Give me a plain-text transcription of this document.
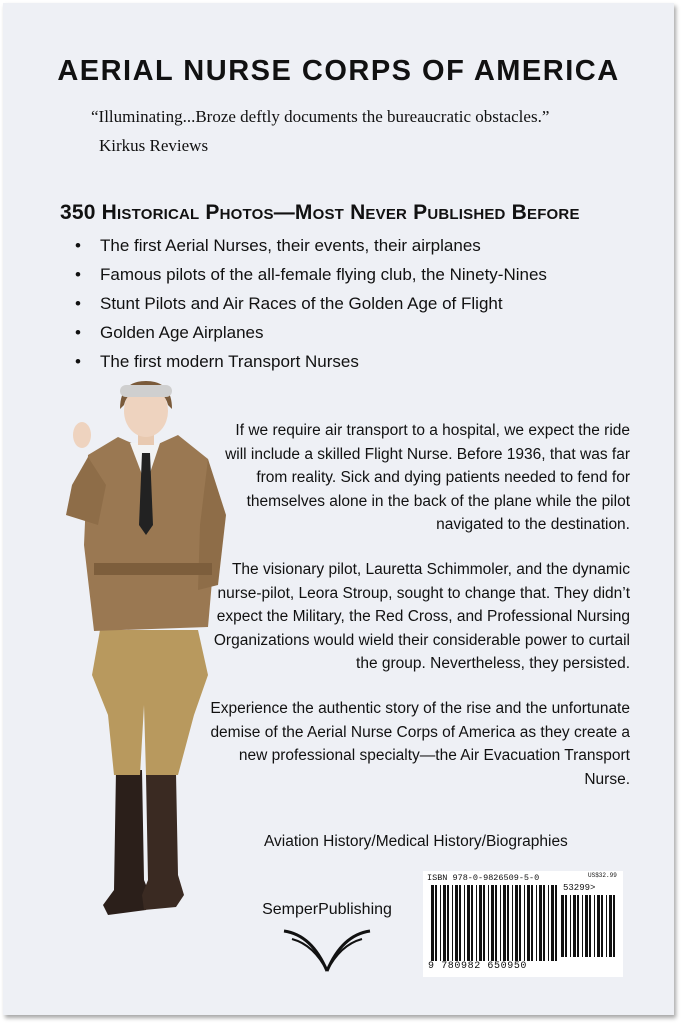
AERIAL NURSE CORPS OF AMERICA

“Illuminating...Broze deftly documents the bureaucratic obstacles.”

Kirkus Reviews

350 Historical Photos—Most Never Published Before
• The first Aerial Nurses, their events, their airplanes
• Famous pilots of the all-female flying club, the Ninety-Nines
• Stunt Pilots and Air Races of the Golden Age of Flight
• Golden Age Airplanes
• The first modern Transport Nurses

If we require air transport to a hospital, we expect the ride will include a skilled Flight Nurse. Before 1936, that was far from reality. Sick and dying patients needed to fend for themselves alone in the back of the plane while the pilot navigated to the destination.

The visionary pilot, Lauretta Schimmoler, and the dynamic nurse-pilot, Leora Stroup, sought to change that. They didn’t expect the Military, the Red Cross, and Professional Nursing Organizations would wield their considerable power to curtail the group. Nevertheless, they persisted.

Experience the authentic story of the rise and the unfortunate demise of the Aerial Nurse Corps of America as they create a new professional specialty—the Air Evacuation Transport Nurse.

Aviation History/Medical History/Biographies

SemperPublishing
ISBN 978-0-9826509-5-0	US$32.99
53299>
9 780982 650950
